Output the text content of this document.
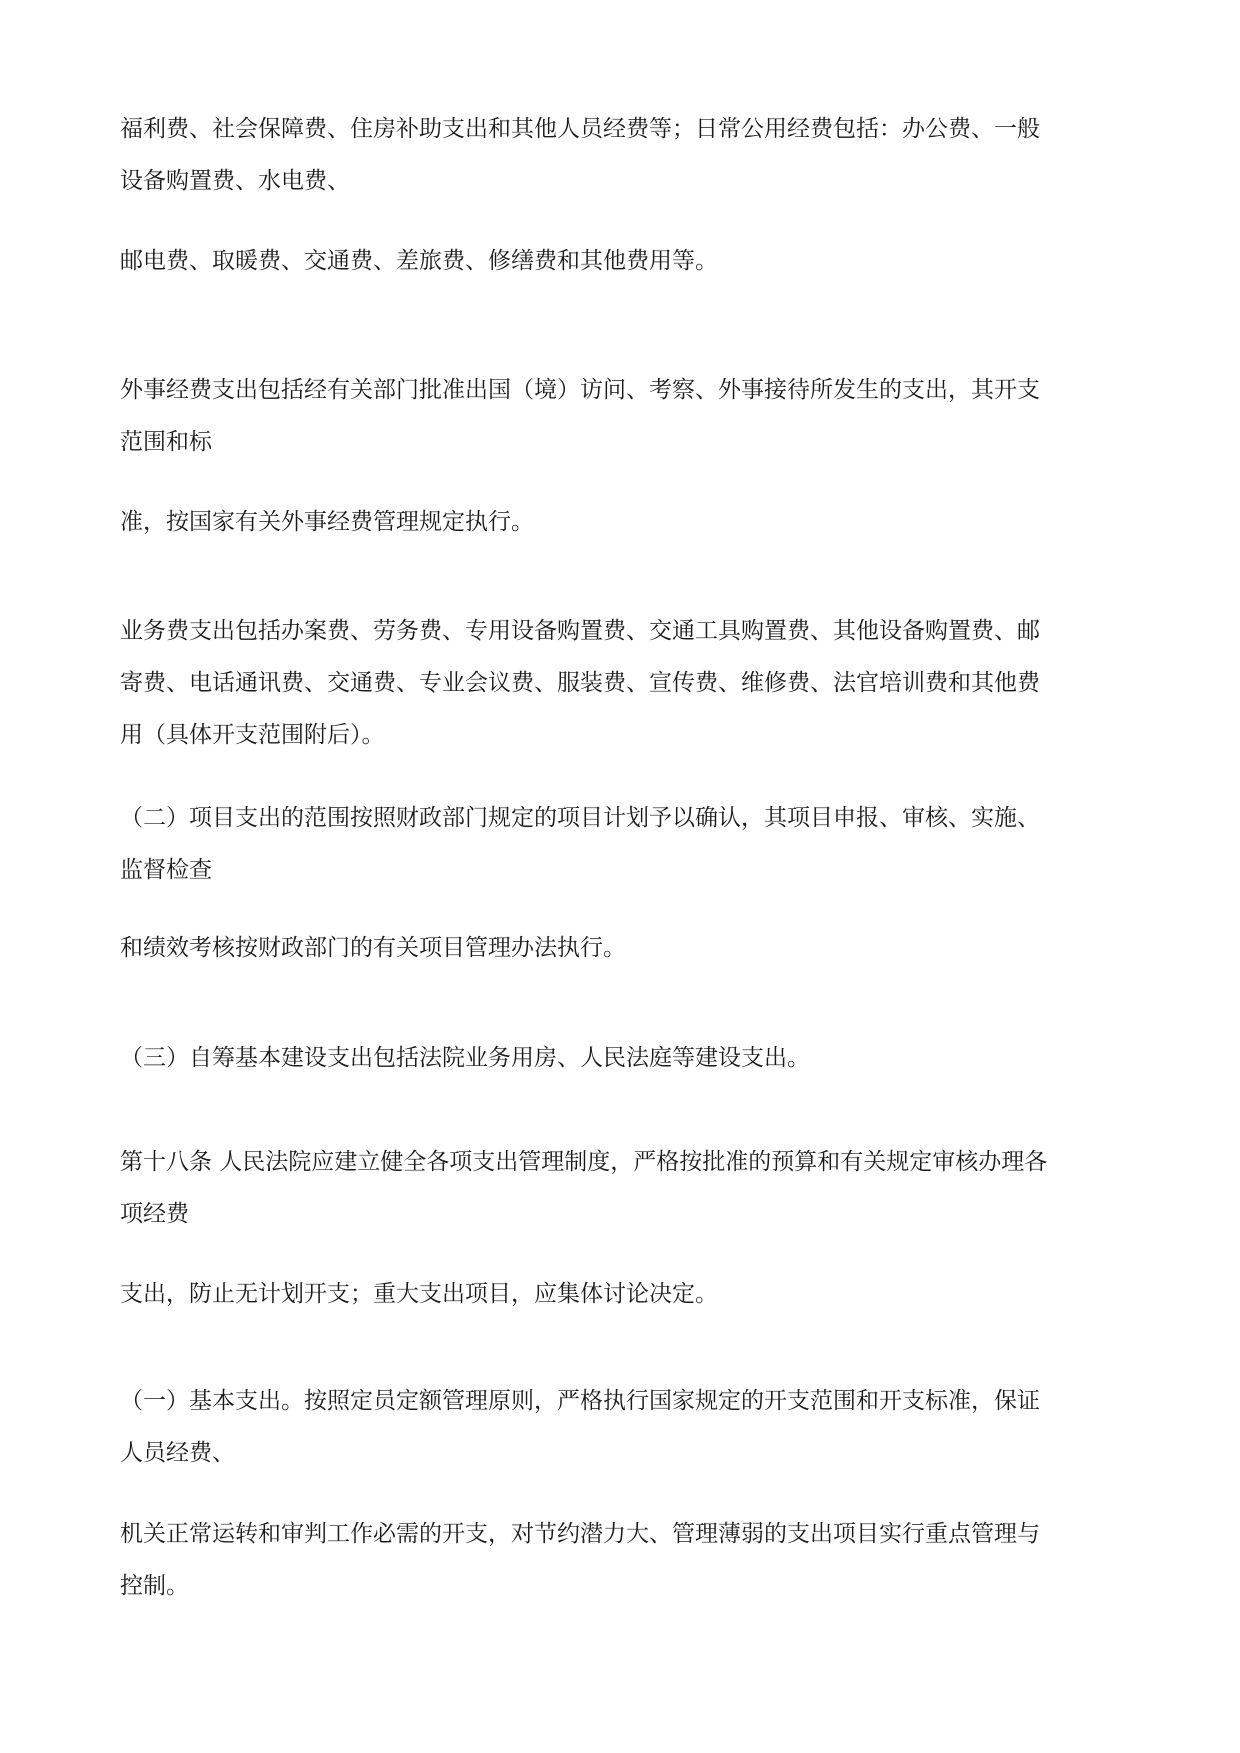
福利费、社会保障费、住房补助支出和其他人员经费等；日常公用经费包括：办公费、一般
设备购置费、水电费、

邮电费、取暖费、交通费、差旅费、修缮费和其他费用等。

外事经费支出包括经有关部门批准出国（境）访问、考察、外事接待所发生的支出，其开支
范围和标

准，按国家有关外事经费管理规定执行。

业务费支出包括办案费、劳务费、专用设备购置费、交通工具购置费、其他设备购置费、邮
寄费、电话通讯费、交通费、专业会议费、服装费、宣传费、维修费、法官培训费和其他费
用（具体开支范围附后）。

（二）项目支出的范围按照财政部门规定的项目计划予以确认，其项目申报、审核、实施、
监督检查

和绩效考核按财政部门的有关项目管理办法执行。

（三）自筹基本建设支出包括法院业务用房、人民法庭等建设支出。

第十八条 人民法院应建立健全各项支出管理制度，严格按批准的预算和有关规定审核办理各
项经费

支出，防止无计划开支；重大支出项目，应集体讨论决定。

（一）基本支出。按照定员定额管理原则，严格执行国家规定的开支范围和开支标准，保证
人员经费、

机关正常运转和审判工作必需的开支，对节约潜力大、管理薄弱的支出项目实行重点管理与
控制。
